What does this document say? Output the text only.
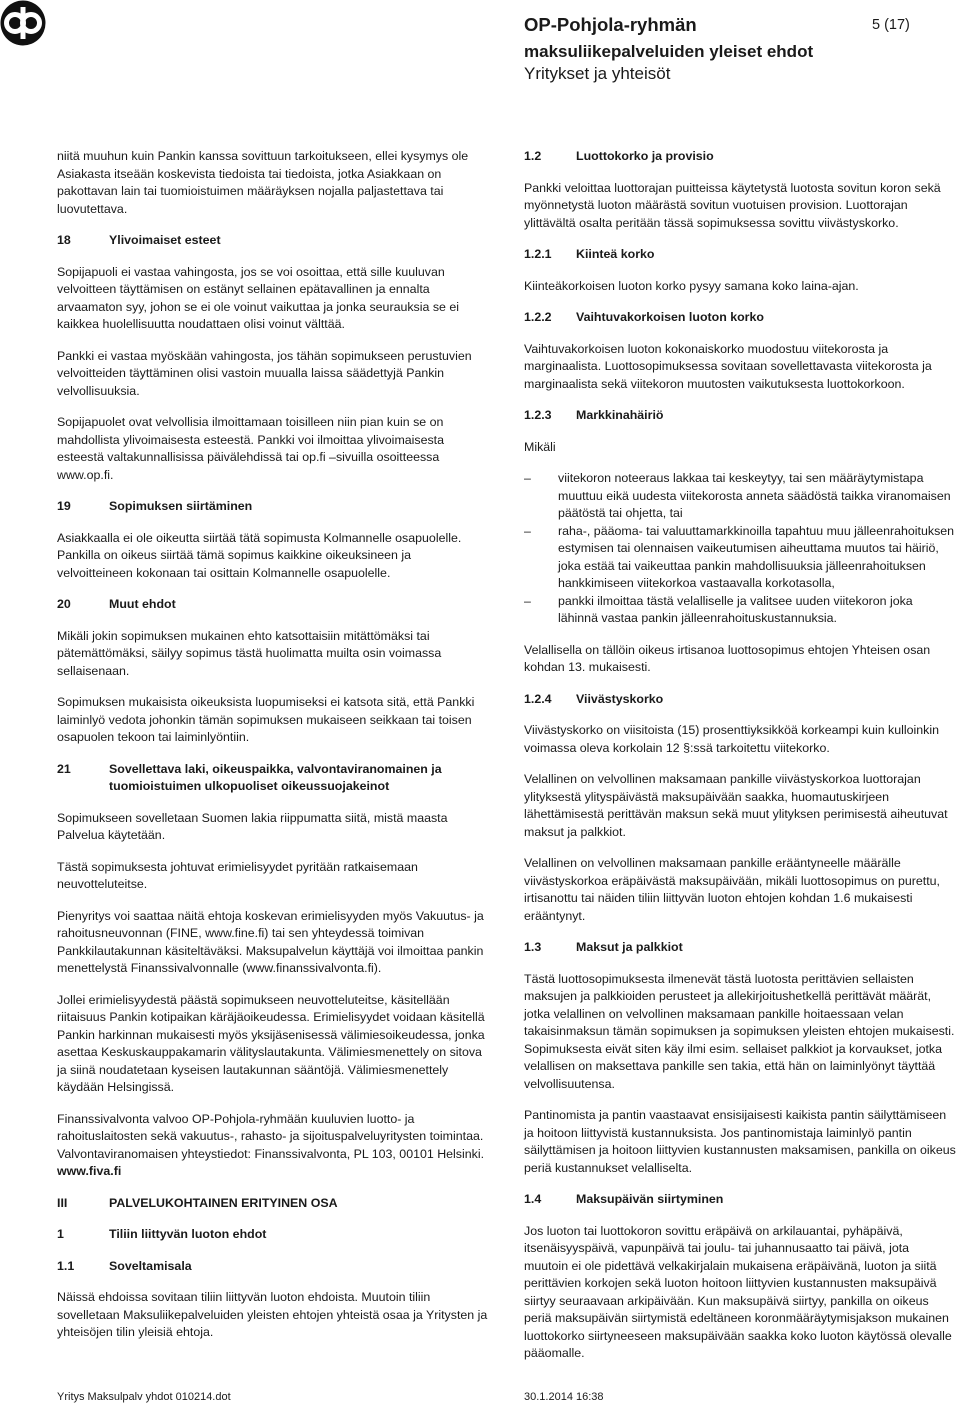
OP-Pohjola-ryhmän
maksuliikepalveluiden yleiset ehdot
Yritykset ja yhteisöt
5 (17)

niitä muuhun kuin Pankin kanssa sovittuun tarkoitukseen, ellei kysymys ole Asiakasta itseään koskevista tiedoista tai tiedoista, jotka Asiakkaan on pakottavan lain tai tuomioistuimen määräyksen nojalla paljastettava tai luovutettava.

18	Ylivoimaiset esteet

Sopijapuoli ei vastaa vahingosta, jos se voi osoittaa, että sille kuuluvan velvoitteen täyttämisen on estänyt sellainen epätavallinen ja ennalta arvaamaton syy, johon se ei ole voinut vaikuttaa ja jonka seurauksia se ei kaikkea huolellisuutta noudattaen olisi voinut välttää.

Pankki ei vastaa myöskään vahingosta, jos tähän sopimukseen perustuvien velvoitteiden täyttäminen olisi vastoin muualla laissa säädettyjä Pankin velvollisuuksia.

Sopijapuolet ovat velvollisia ilmoittamaan toisilleen niin pian kuin se on mahdollista ylivoimaisesta esteestä. Pankki voi ilmoittaa ylivoimaisesta esteestä valtakunnallisissa päivälehdissä tai op.fi –sivuilla osoitteessa www.op.fi.

19	Sopimuksen siirtäminen

Asiakkaalla ei ole oikeutta siirtää tätä sopimusta Kolmannelle osapuolelle. Pankilla on oikeus siirtää tämä sopimus kaikkine oikeuksineen ja velvoitteineen kokonaan tai osittain Kolmannelle osapuolelle.

20	Muut ehdot

Mikäli jokin sopimuksen mukainen ehto katsottaisiin mitättömäksi tai pätemättömäksi, säilyy sopimus tästä huolimatta muilta osin voimassa sellaisenaan.

Sopimuksen mukaisista oikeuksista luopumiseksi ei katsota sitä, että Pankki laiminlyö vedota johonkin tämän sopimuksen mukaiseen seikkaan tai toisen osapuolen tekoon tai laiminlyöntiin.

21	Sovellettava laki, oikeuspaikka, valvontaviranomainen ja tuomioistuimen ulkopuoliset oikeussuojakeinot

Sopimukseen sovelletaan Suomen lakia riippumatta siitä, mistä maasta Palvelua käytetään.

Tästä sopimuksesta johtuvat erimielisyydet pyritään ratkaisemaan neuvotteluteitse.

Pienyritys voi saattaa näitä ehtoja koskevan erimielisyyden myös Vakuutus- ja rahoitusneuvonnan (FINE, www.fine.fi) tai sen yhteydessä toimivan Pankkilautakunnan käsiteltäväksi. Maksupalvelun käyttäjä voi ilmoittaa pankin menettelystä Finanssivalvonnalle (www.finanssivalvonta.fi).

Jollei erimielisyydestä päästä sopimukseen neuvotteluteitse, käsitellään riitaisuus Pankin kotipaikan käräjäoikeudessa. Erimielisyydet voidaan käsitellä Pankin harkinnan mukaisesti myös yksijäsenisessä välimiesoikeudessa, jonka asettaa Keskuskauppakamarin välityslautakunta. Välimiesmenettely on sitova ja siinä noudatetaan kyseisen lautakunnan sääntöjä. Välimiesmenettely käydään Helsingissä.

Finanssivalvonta valvoo OP-Pohjola-ryhmään kuuluvien luotto- ja rahoituslaitosten sekä vakuutus-, rahasto- ja sijoituspalveluyritysten toimintaa. Valvontaviranomaisen yhteystiedot: Finanssivalvonta, PL 103, 00101 Helsinki. www.fiva.fi

III	PALVELUKOHTAINEN ERITYINEN OSA
1	Tiliin liittyvän luoton ehdot
1.1	Soveltamisala

Näissä ehdoissa sovitaan tiliin liittyvän luoton ehdoista. Muutoin tiliin sovelletaan Maksuliikepalveluiden yleisten ehtojen yhteistä osaa ja Yritysten ja yhteisöjen tilin yleisiä ehtoja.

1.2	Luottokorko ja provisio

Pankki veloittaa luottorajan puitteissa käytetystä luotosta sovitun koron sekä myönnetystä luoton määrästä sovitun vuotuisen provision. Luottorajan ylittävältä osalta peritään tässä sopimuksessa sovittu viivästyskorko.

1.2.1	Kiinteä korko

Kiinteäkorkoisen luoton korko pysyy samana koko laina-ajan.

1.2.2	Vaihtuvakorkoisen luoton korko

Vaihtuvakorkoisen luoton kokonaiskorko muodostuu viitekorosta ja marginaalista. Luottosopimuksessa sovitaan sovellettavasta viitekorosta ja marginaalista sekä viitekoron muutosten vaikutuksesta luottokorkoon.

1.2.3	Markkinahäiriö

Mikäli

– viitekoron noteeraus lakkaa tai keskeytyy, tai sen määräytymistapa muuttuu eikä uudesta viitekorosta anneta säädöstä taikka viranomaisen päätöstä tai ohjetta, tai
– raha-, pääoma- tai valuuttamarkkinoilla tapahtuu muu jälleenrahoituksen estymisen tai olennaisen vaikeutumisen aiheuttama muutos tai häiriö, joka estää tai vaikeuttaa pankin mahdollisuuksia jälleenrahoituksen hankkimiseen viitekorkoa vastaavalla korkotasolla,
– pankki ilmoittaa tästä velalliselle ja valitsee uuden viitekoron joka lähinnä vastaa pankin jälleenrahoituskustannuksia.

Velallisella on tällöin oikeus irtisanoa luottosopimus ehtojen Yhteisen osan kohdan 13. mukaisesti.

1.2.4	Viivästyskorko

Viivästyskorko on viisitoista (15) prosenttiyksikköä korkeampi kuin kulloinkin voimassa oleva korkolain 12 §:ssä tarkoitettu viitekorko.

Velallinen on velvollinen maksamaan pankille viivästyskorkoa luottorajan ylityksestä ylityspäivästä maksupäivään saakka, huomautuskirjeen lähettämisestä perittävän maksun sekä muut ylityksen perimisestä aiheutuvat maksut ja palkkiot.

Velallinen on velvollinen maksamaan pankille erääntyneelle määrälle viivästyskorkoa eräpäivästä maksupäivään, mikäli luottosopimus on purettu, irtisanottu tai näiden tiliin liittyvän luoton ehtojen kohdan 1.6 mukaisesti erääntynyt.

1.3	Maksut ja palkkiot

Tästä luottosopimuksesta ilmenevät tästä luotosta perittävien sellaisten maksujen ja palkkioiden perusteet ja allekirjoitushetkellä perittävät määrät, jotka velallinen on velvollinen maksamaan pankille hoitaessaan velan takaisinmaksun tämän sopimuksen ja sopimuksen yleisten ehtojen mukaisesti. Sopimuksesta eivät siten käy ilmi esim. sellaiset palkkiot ja korvaukset, jotka velallisen on maksettava pankille sen takia, että hän on laiminlyönyt täyttää velvollisuutensa.

Pantinomista ja pantin vaastaavat ensisijaisesti kaikista pantin säilyttämiseen ja hoitoon liittyvistä kustannuksista. Jos pantinomistaja laiminlyö pantin säilyttämisen ja hoitoon liittyvien kustannusten maksamisen, pankilla on oikeus periä kustannukset velalliselta.

1.4	Maksupäivän siirtyminen

Jos luoton tai luottokoron sovittu eräpäivä on arkilauantai, pyhäpäivä, itsenäisyyspäivä, vapunpäivä tai joulu- tai juhannusaatto tai päivä, jota muutoin ei ole pidettävä velkakirjalain mukaisena eräpäivänä, luoton ja siitä perittävien korkojen sekä luoton hoitoon liittyvien kustannusten maksupäivä siirtyy seuraavaan arkipäivään. Kun maksupäivä siirtyy, pankilla on oikeus periä maksupäivän siirtymistä edeltäneen koronmääräytymisjakson mukainen luottokorko siirtyneeseen maksupäivään saakka koko luoton käytössä olevalle pääomalle.

Yritys Maksulpalv yhdot 010214.dot	30.1.2014 16:38
